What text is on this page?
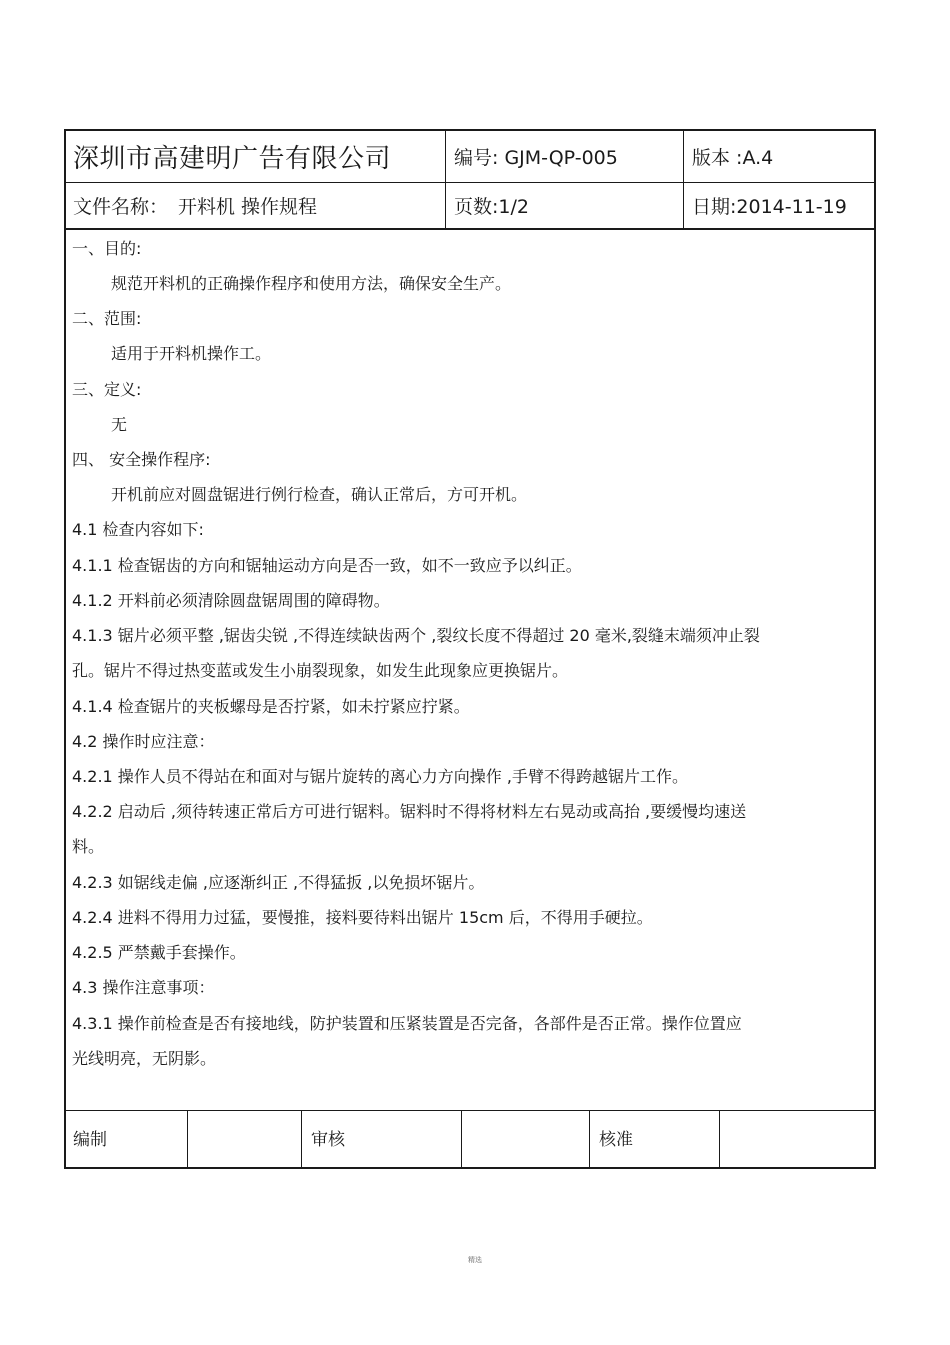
深圳市高建明广告有限公司	编号: GJM-QP-005	版本 :A.4
文件名称： 开料机 操作规程	页数:1/2	日期:2014-11-19
一、目的:
规范开料机的正确操作程序和使用方法，确保安全生产。
二、范围:
适用于开料机操作工。
三、定义:
无
四、 安全操作程序:
开机前应对圆盘锯进行例行检查，确认正常后，方可开机。
4.1 检查内容如下:
4.1.1 检查锯齿的方向和锯轴运动方向是否一致，如不一致应予以纠正。
4.1.2 开料前必须清除圆盘锯周围的障碍物。
4.1.3 锯片必须平整 ,锯齿尖锐 ,不得连续缺齿两个 ,裂纹长度不得超过 20 毫米,裂缝末端须冲止裂
孔。锯片不得过热变蓝或发生小崩裂现象，如发生此现象应更换锯片。
4.1.4 检查锯片的夹板螺母是否拧紧，如未拧紧应拧紧。
4.2 操作时应注意：
4.2.1 操作人员不得站在和面对与锯片旋转的离心力方向操作 ,手臂不得跨越锯片工作。
4.2.2 启动后 ,须待转速正常后方可进行锯料。锯料时不得将材料左右晃动或高抬 ,要缓慢均速送
料。
4.2.3 如锯线走偏 ,应逐渐纠正 ,不得猛扳 ,以免损坏锯片。
4.2.4 进料不得用力过猛，要慢推，接料要待料出锯片 15cm 后，不得用手硬拉。
4.2.5 严禁戴手套操作。
4.3 操作注意事项：
4.3.1 操作前检查是否有接地线，防护装置和压紧装置是否完备，各部件是否正常。操作位置应
光线明亮，无阴影。
编制	审核	核准
精选
